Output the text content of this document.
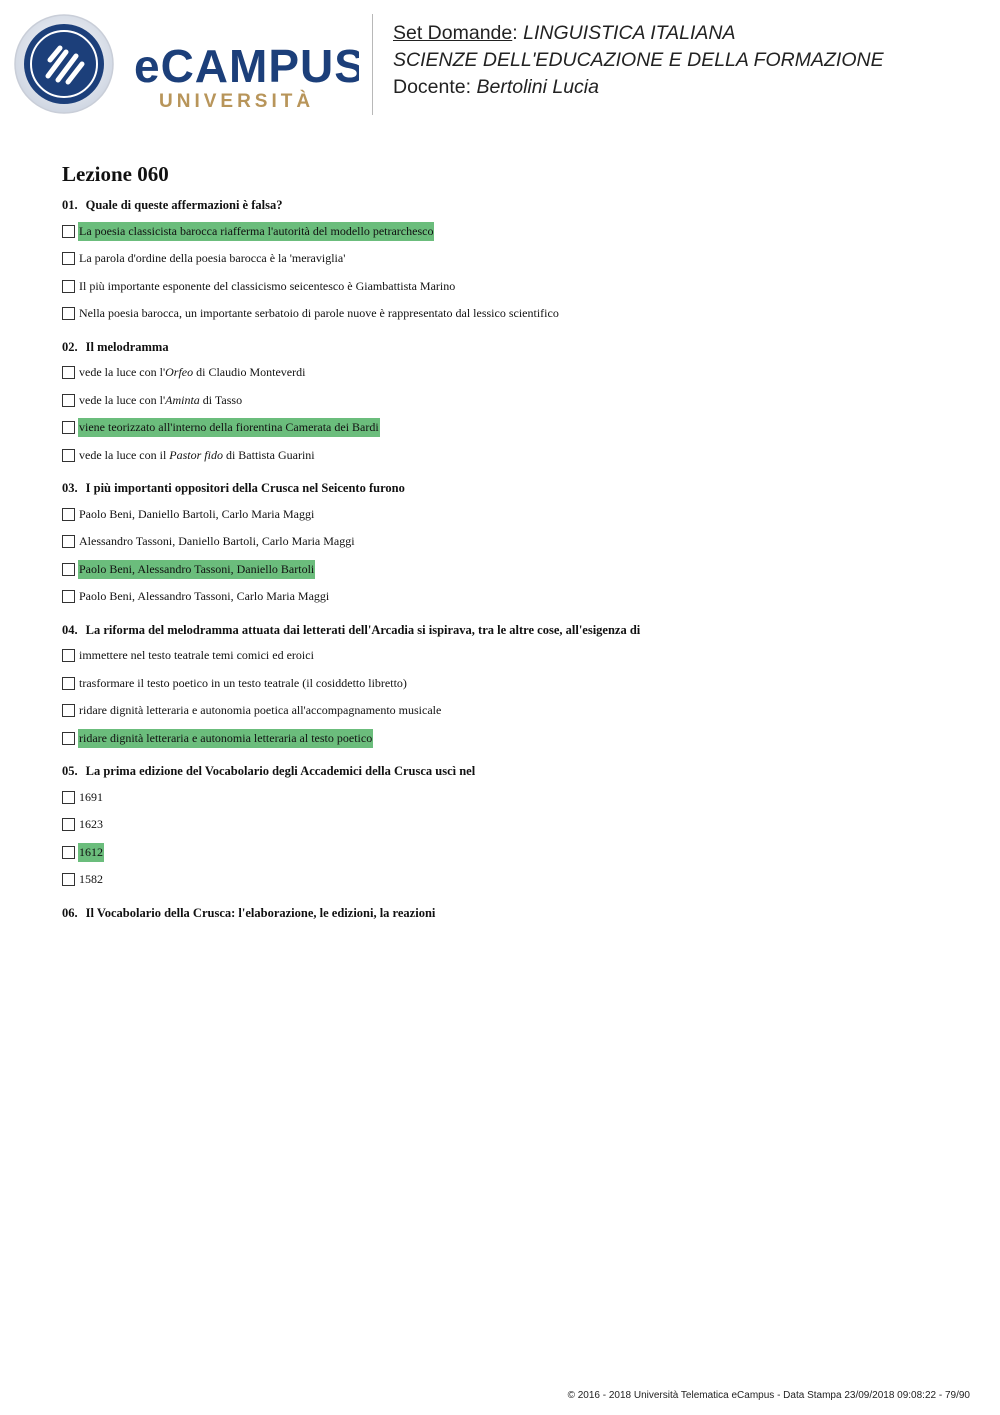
eCAMPUS
UNIVERSITÀ
Set Domande: LINGUISTICA ITALIANA
SCIENZE DELL'EDUCAZIONE E DELLA FORMAZIONE
Docente: Bertolini Lucia
Lezione 060
01. Quale di queste affermazioni è falsa?
La poesia classicista barocca riafferma l'autorità del modello petrarchesco
La parola d'ordine della poesia barocca è la 'meraviglia'
Il più importante esponente del classicismo seicentesco è Giambattista Marino
Nella poesia barocca, un importante serbatoio di parole nuove è rappresentato dal lessico scientifico
02. Il melodramma
vede la luce con l'Orfeo di Claudio Monteverdi
vede la luce con l'Aminta di Tasso
viene teorizzato all'interno della fiorentina Camerata dei Bardi
vede la luce con il Pastor fido di Battista Guarini
03. I più importanti oppositori della Crusca nel Seicento furono
Paolo Beni, Daniello Bartoli, Carlo Maria Maggi
Alessandro Tassoni, Daniello Bartoli, Carlo Maria Maggi
Paolo Beni, Alessandro Tassoni, Daniello Bartoli
Paolo Beni, Alessandro Tassoni, Carlo Maria Maggi
04. La riforma del melodramma attuata dai letterati dell'Arcadia si ispirava, tra le altre cose, all'esigenza di
immettere nel testo teatrale temi comici ed eroici
trasformare il testo poetico in un testo teatrale (il cosiddetto libretto)
ridare dignità letteraria e autonomia poetica all'accompagnamento musicale
ridare dignità letteraria e autonomia letteraria al testo poetico
05. La prima edizione del Vocabolario degli Accademici della Crusca uscì nel
1691
1623
1612
1582
06. Il Vocabolario della Crusca: l'elaborazione, le edizioni, la reazioni
© 2016 - 2018 Università Telematica eCampus - Data Stampa 23/09/2018 09:08:22 - 79/90
